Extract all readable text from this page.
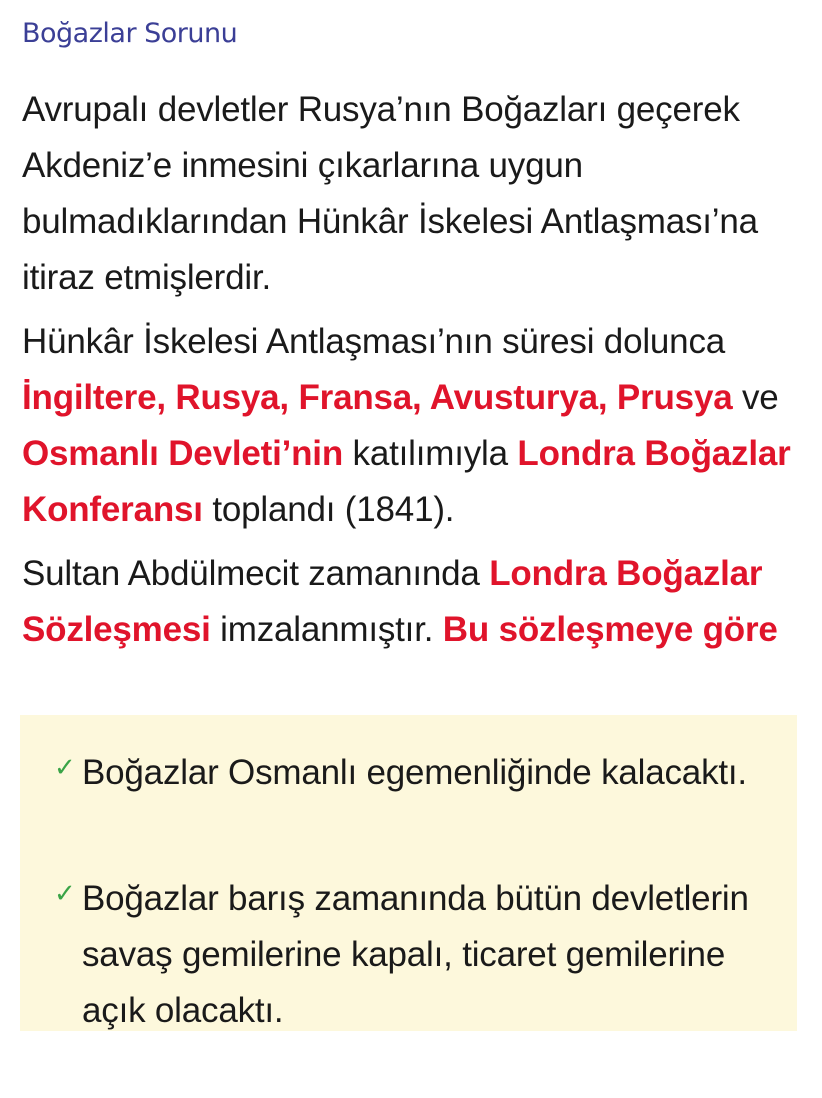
Boğazlar Sorunu

Avrupalı devletler Rusya’nın Boğazları geçerek Akdeniz’e inmesini çıkarlarına uygun bulmadıklarından Hünkâr İskelesi Antlaşması’na itiraz etmişlerdir.

Hünkâr İskelesi Antlaşması’nın süresi dolunca İngiltere, Rusya, Fransa, Avusturya, Prusya ve Osmanlı Devleti’nin katılımıyla Londra Boğazlar Konferansı toplandı (1841).

Sultan Abdülmecit zamanında Londra Boğazlar Sözleşmesi imzalanmıştır. Bu sözleşmeye göre

✓ Boğazlar Osmanlı egemenliğinde kalacaktı.

✓ Boğazlar barış zamanında bütün devletlerin savaş gemilerine kapalı, ticaret gemilerine açık olacaktı.
